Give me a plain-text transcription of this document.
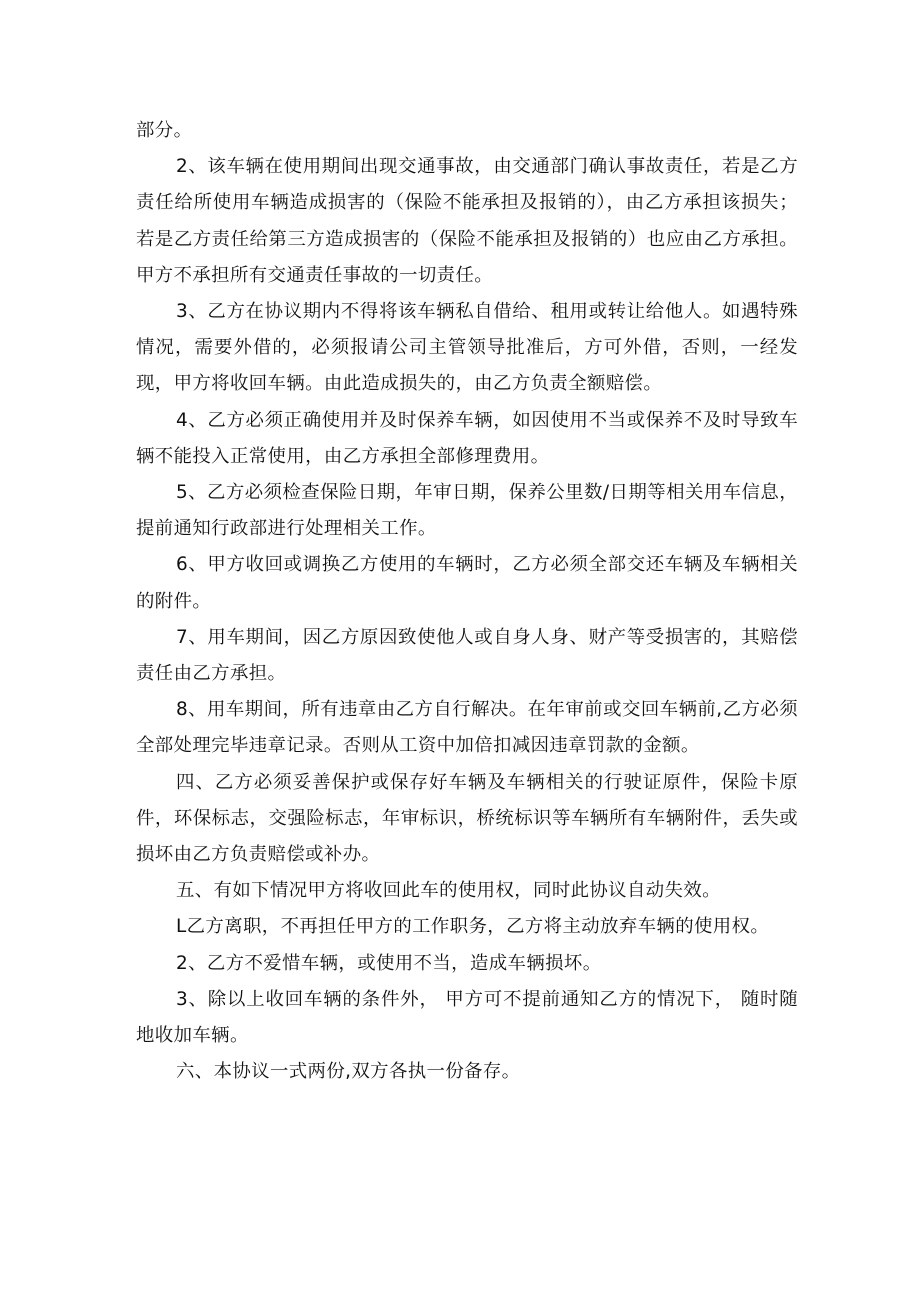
部分。

2、该车辆在使用期间出现交通事故，由交通部门确认事故责任，若是乙方责任给所使用车辆造成损害的（保险不能承担及报销的），由乙方承担该损失；若是乙方责任给第三方造成损害的（保险不能承担及报销的）也应由乙方承担。甲方不承担所有交通责任事故的一切责任。

3、乙方在协议期内不得将该车辆私自借给、租用或转让给他人。如遇特殊情况，需要外借的，必须报请公司主管领导批准后，方可外借，否则，一经发现，甲方将收回车辆。由此造成损失的，由乙方负责全额赔偿。

4、乙方必须正确使用并及时保养车辆，如因使用不当或保养不及时导致车辆不能投入正常使用，由乙方承担全部修理费用。

5、乙方必须检查保险日期，年审日期，保养公里数/日期等相关用车信息，提前通知行政部进行处理相关工作。

6、甲方收回或调换乙方使用的车辆时，乙方必须全部交还车辆及车辆相关的附件。

7、用车期间，因乙方原因致使他人或自身人身、财产等受损害的，其赔偿责任由乙方承担。

8、用车期间，所有违章由乙方自行解决。在年审前或交回车辆前,乙方必须全部处理完毕违章记录。否则从工资中加倍扣减因违章罚款的金额。

四、乙方必须妥善保护或保存好车辆及车辆相关的行驶证原件，保险卡原件，环保标志，交强险标志，年审标识，桥统标识等车辆所有车辆附件，丢失或损坏由乙方负责赔偿或补办。

五、有如下情况甲方将收回此车的使用权，同时此协议自动失效。

L乙方离职，不再担任甲方的工作职务，乙方将主动放弃车辆的使用权。

2、乙方不爱惜车辆，或使用不当，造成车辆损坏。

3、除以上收回车辆的条件外， 甲方可不提前通知乙方的情况下， 随时随地收加车辆。

六、本协议一式两份,双方各执一份备存。
